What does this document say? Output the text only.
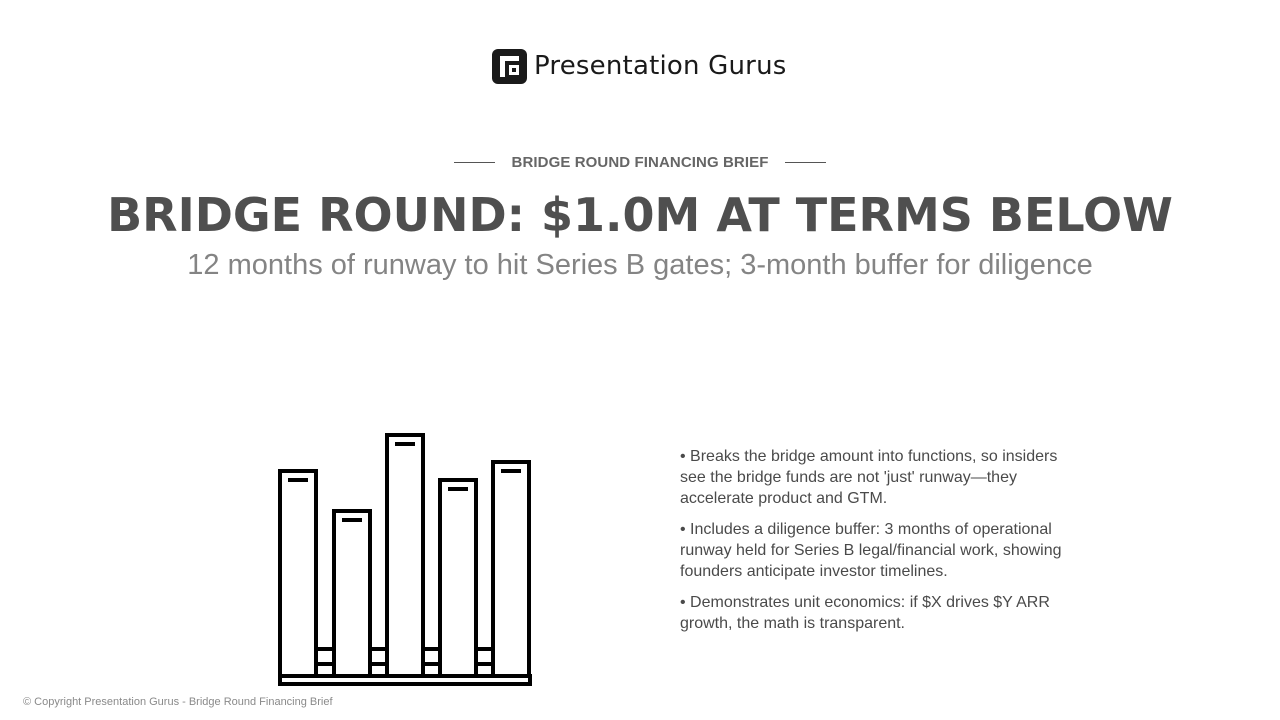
Presentation Gurus
BRIDGE ROUND FINANCING BRIEF
BRIDGE ROUND: $1.0M AT TERMS BELOW
12 months of runway to hit Series B gates; 3-month buffer for diligence
• Breaks the bridge amount into functions, so insiders see the bridge funds are not 'just' runway—they accelerate product and GTM.
• Includes a diligence buffer: 3 months of operational runway held for Series B legal/financial work, showing founders anticipate investor timelines.
• Demonstrates unit economics: if $X drives $Y ARR growth, the math is transparent.
© Copyright Presentation Gurus - Bridge Round Financing Brief
